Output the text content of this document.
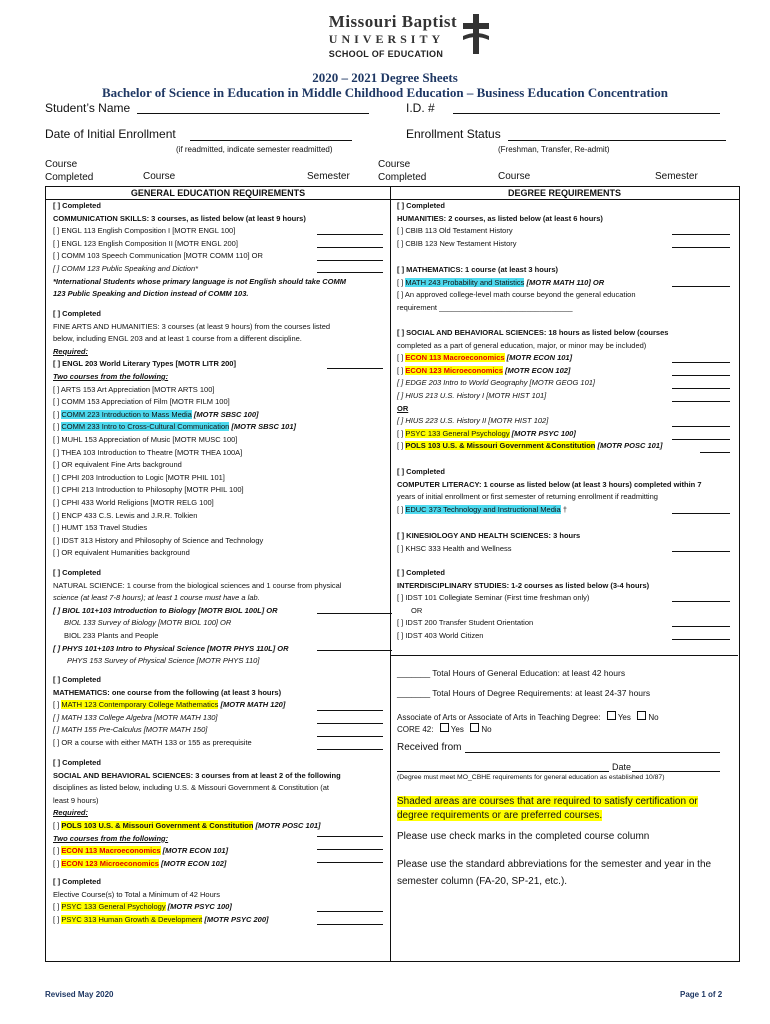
Missouri Baptist
UNIVERSITY
SCHOOL OF EDUCATION
2020 – 2021 Degree Sheets
Bachelor of Science in Education in Middle Childhood Education – Business Education Concentration
Student’s Name	I.D. #
Date of Initial Enrollment
(if readmitted, indicate semester readmitted)
Enrollment Status
(Freshman, Transfer, Re-admit)
Course
Completed	Course	Semester
Course
Completed	Course	Semester
GENERAL EDUCATION REQUIREMENTS	DEGREE REQUIREMENTS
[ ] Completed
COMMUNICATION SKILLS: 3 courses, as listed below (at least 9 hours)
[ ] ENGL 113 English Composition I [MOTR ENGL 100]
[ ] ENGL 123 English Composition II [MOTR ENGL 200]
[ ] COMM 103 Speech Communication [MOTR COMM 110] OR
[ ] COMM 123 Public Speaking and Diction*
*International Students whose primary language is not English should take COMM
123 Public Speaking and Diction instead of COMM 103.
[ ] Completed
FINE ARTS AND HUMANITIES: 3 courses (at least 9 hours) from the courses listed
below, including ENGL 203 and at least 1 course from a different discipline.
Required:
[ ] ENGL 203 World Literary Types [MOTR LITR 200]
Two courses from the following:
[ ] ARTS 153 Art Appreciation [MOTR ARTS 100]
[ ] COMM 153 Appreciation of Film [MOTR FILM 100]
[ ] COMM 223 Introduction to Mass Media [MOTR SBSC 100]
[ ] COMM 233 Intro to Cross-Cultural Communication [MOTR SBSC 101]
[ ] MUHL 153 Appreciation of Music [MOTR MUSC 100]
[ ] THEA 103 Introduction to Theatre [MOTR THEA 100A]
[ ] OR equivalent Fine Arts background
[ ] CPHI 203 Introduction to Logic [MOTR PHIL 101]
[ ] CPHI 213 Introduction to Philosophy [MOTR PHIL 100]
[ ] CPHI 433 World Religions [MOTR RELG 100]
[ ] ENCP 433 C.S. Lewis and J.R.R. Tolkien
[ ] HUMT 153 Travel Studies
[ ] IDST 313 History and Philosophy of Science and Technology
[ ] OR equivalent Humanities background
[ ] Completed
NATURAL SCIENCE: 1 course from the biological sciences and 1 course from physical
science (at least 7-8 hours); at least 1 course must have a lab.
[ ] BIOL 101+103 Introduction to Biology [MOTR BIOL 100L] OR
BIOL 133 Survey of Biology [MOTR BIOL 100] OR
BIOL 233 Plants and People
[ ] PHYS 101+103 Intro to Physical Science [MOTR PHYS 110L] OR
PHYS 153 Survey of Physical Science [MOTR PHYS 110]
[ ] Completed
MATHEMATICS: one course from the following (at least 3 hours)
[ ] MATH 123 Contemporary College Mathematics [MOTR MATH 120]
[ ] MATH 133 College Algebra [MOTR MATH 130]
[ ] MATH 155 Pre-Calculus [MOTR MATH 150]
[ ] OR a course with either MATH 133 or 155 as prerequisite
[ ] Completed
SOCIAL AND BEHAVIORAL SCIENCES: 3 courses from at least 2 of the following
disciplines as listed below, including U.S. & Missouri Government & Constitution (at
least 9 hours)
Required:
[ ] POLS 103 U.S. & Missouri Government & Constitution [MOTR POSC 101]
Two courses from the following:
[ ] ECON 113 Macroeconomics [MOTR ECON 101]
[ ] ECON 123 Microeconomics [MOTR ECON 102]
[ ] Completed
Elective Course(s) to Total a Minimum of 42 Hours
[ ] PSYC 133 General Psychology [MOTR PSYC 100]
[ ] PSYC 313 Human Growth & Development [MOTR PSYC 200]
[ ] Completed
HUMANITIES: 2 courses, as listed below (at least 6 hours)
[ ] CBIB 113 Old Testament History
[ ] CBIB 123 New Testament History
[ ] MATHEMATICS: 1 course (at least 3 hours)
[ ] MATH 243 Probability and Statistics [MOTR MATH 110] OR
[ ] An approved college-level math course beyond the general education
requirement ________________________________
[ ] SOCIAL AND BEHAVIORAL SCIENCES: 18 hours as listed below (courses
completed as a part of general education, major, or minor may be included)
[ ] ECON 113 Macroeconomics [MOTR ECON 101]
[ ] ECON 123 Microeconomics [MOTR ECON 102]
[ ] EDGE 203 Intro to World Geography [MOTR GEOG 101]
[ ] HIUS 213 U.S. History I [MOTR HIST 101]
OR
[ ] HIUS 223 U.S. History II [MOTR HIST 102]
[ ] PSYC 133 General Psychology [MOTR PSYC 100]
[ ] POLS 103 U.S. & Missouri Government &Constitution [MOTR POSC 101]
[ ] Completed
COMPUTER LITERACY: 1 course as listed below (at least 3 hours) completed within 7
years of initial enrollment or first semester of returning enrollment if readmitting
[ ] EDUC 373 Technology and Instructional Media †
[ ] KINESIOLOGY AND HEALTH SCIENCES: 3 hours
[ ] KHSC 333 Health and Wellness
[ ] Completed
INTERDISCIPLINARY STUDIES: 1-2 courses as listed below (3-4 hours)
[ ] IDST 101 Collegiate Seminar (First time freshman only)
OR
[ ] IDST 200 Transfer Student Orientation
[ ] IDST 403 World Citizen
_______ Total Hours of General Education: at least 42 hours
_______ Total Hours of Degree Requirements: at least 24-37 hours
Associate of Arts or Associate of Arts in Teaching Degree: Yes No
CORE 42: Yes No
Received from
Date
(Degree must meet MO_CBHE requirements for general education as established 10/87)
Shaded areas are courses that are required to satisfy certification or
degree requirements or are preferred courses.
Please use check marks in the completed course column
Please use the standard abbreviations for the semester and year in the
semester column (FA-20, SP-21, etc.).
Revised May 2020	Page 1 of 2
